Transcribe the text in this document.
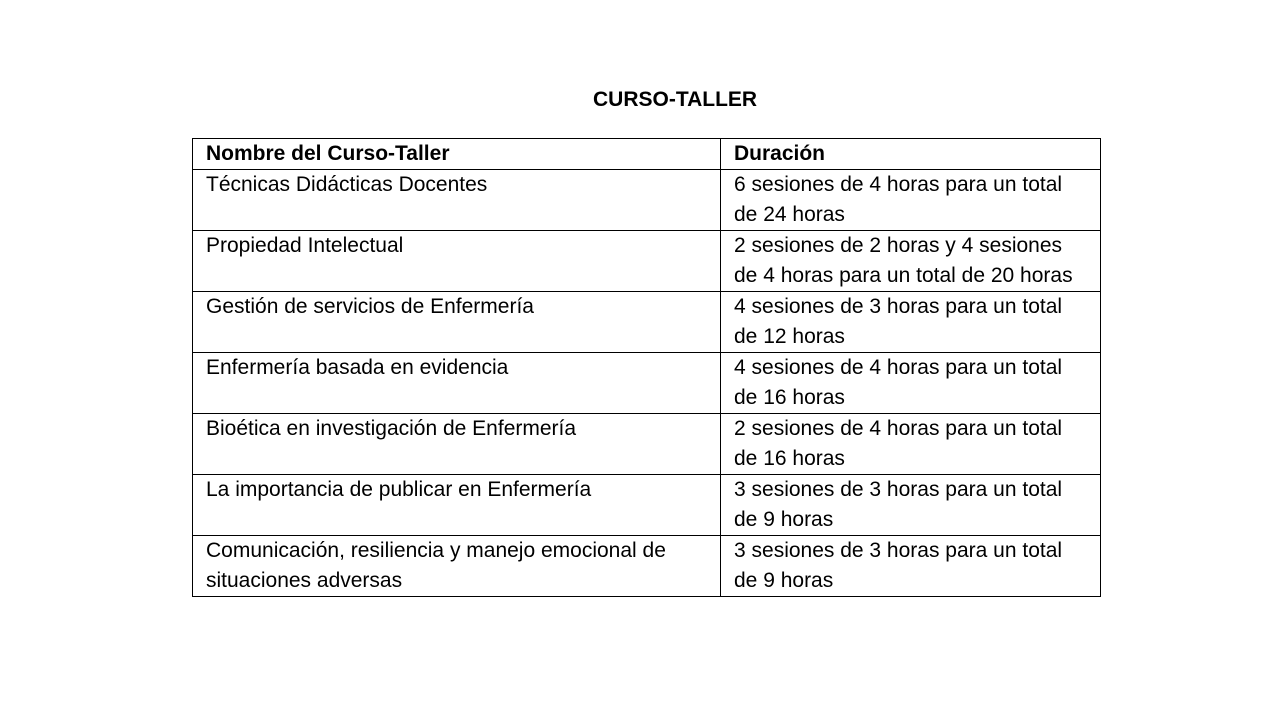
CURSO-TALLER
Nombre del Curso-Taller	Duración
Técnicas Didácticas Docentes	6 sesiones de 4 horas para un total de 24 horas
Propiedad Intelectual	2 sesiones de 2 horas y 4 sesiones de 4 horas para un total de 20 horas
Gestión de servicios de Enfermería	4 sesiones de 3 horas para un total de 12 horas
Enfermería basada en evidencia	4 sesiones de 4 horas para un total de 16 horas
Bioética en investigación de Enfermería	2 sesiones de 4 horas para un total de 16 horas
La importancia de publicar en Enfermería	3 sesiones de 3 horas para un total de 9 horas
Comunicación, resiliencia y manejo emocional de situaciones adversas	3 sesiones de 3 horas para un total de 9 horas
